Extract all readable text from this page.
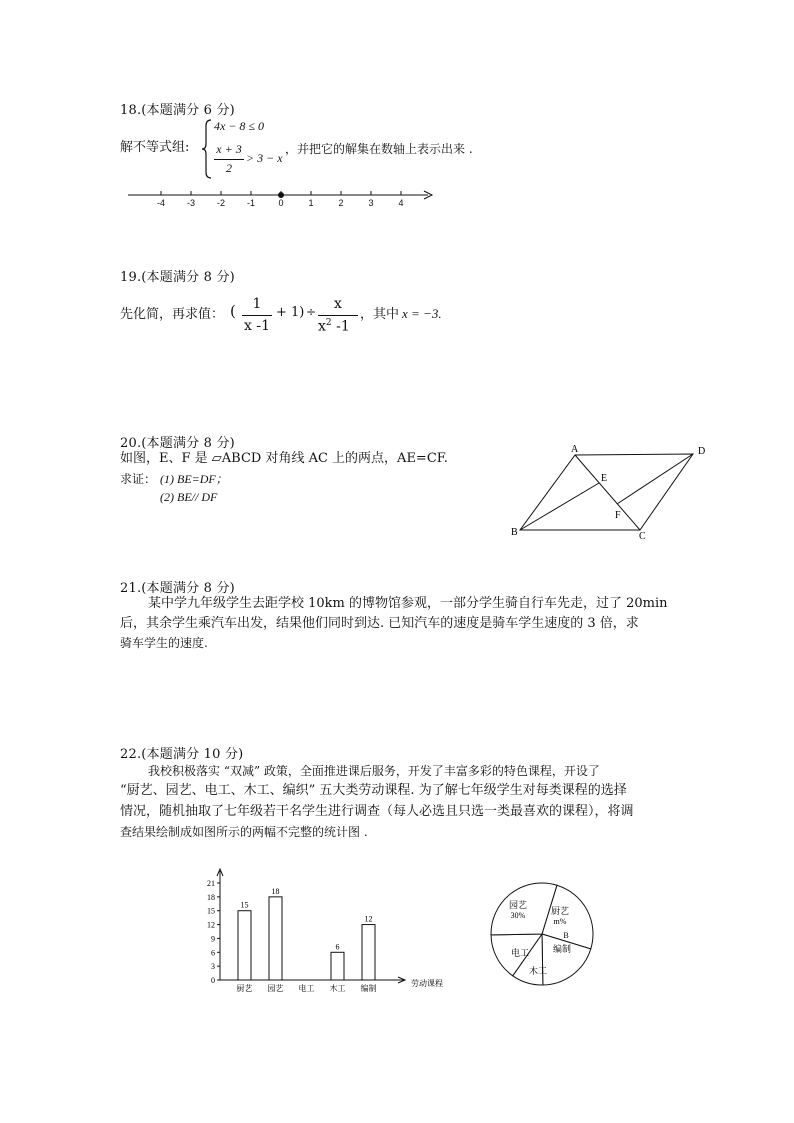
18.(本题满分 6 分)
解不等式组:
4x − 8 ≤ 0
x + 3
2
> 3 − x
，并把它的解集在数轴上表示出来 .
-4	-3	-2	-1	0	1	2	3	4
19.(本题满分 8 分)
先化简，再求值： (	1
x -1
+ 1) ÷	x
$x^2$ -1
，其中 x = −3.
20.(本题满分 8 分)
如图，E、F 是 ▱ABCD 对角线 AC 上的两点，AE=CF.
求证： (1) BE=DF；
(2) BE// DF
A	D
E
F
B	C
21.(本题满分 8 分)
某中学九年级学生去距学校 10km 的博物馆参观，一部分学生骑自行车先走，过了 20min
后，其余学生乘汽车出发，结果他们同时到达. 已知汽车的速度是骑车学生速度的 3 倍，求
骑车学生的速度.
22.(本题满分 10 分)
我校积极落实 “双减” 政策，全面推进课后服务，开发了丰富多彩的特色课程，开设了
“厨艺、园艺、电工、木工、编织” 五大类劳动课程. 为了解七年级学生对每类课程的选择
情况，随机抽取了七年级若干名学生进行调查（每人必选且只选一类最喜欢的课程），将调
查结果绘制成如图所示的两幅不完整的统计图 .
0
3
6
9
12
15
18
21
15
厨艺
18
园艺 电工
6
木工
12
编制
劳动课程
厨艺
m%
编制
木工
电工
园艺
30%
B
